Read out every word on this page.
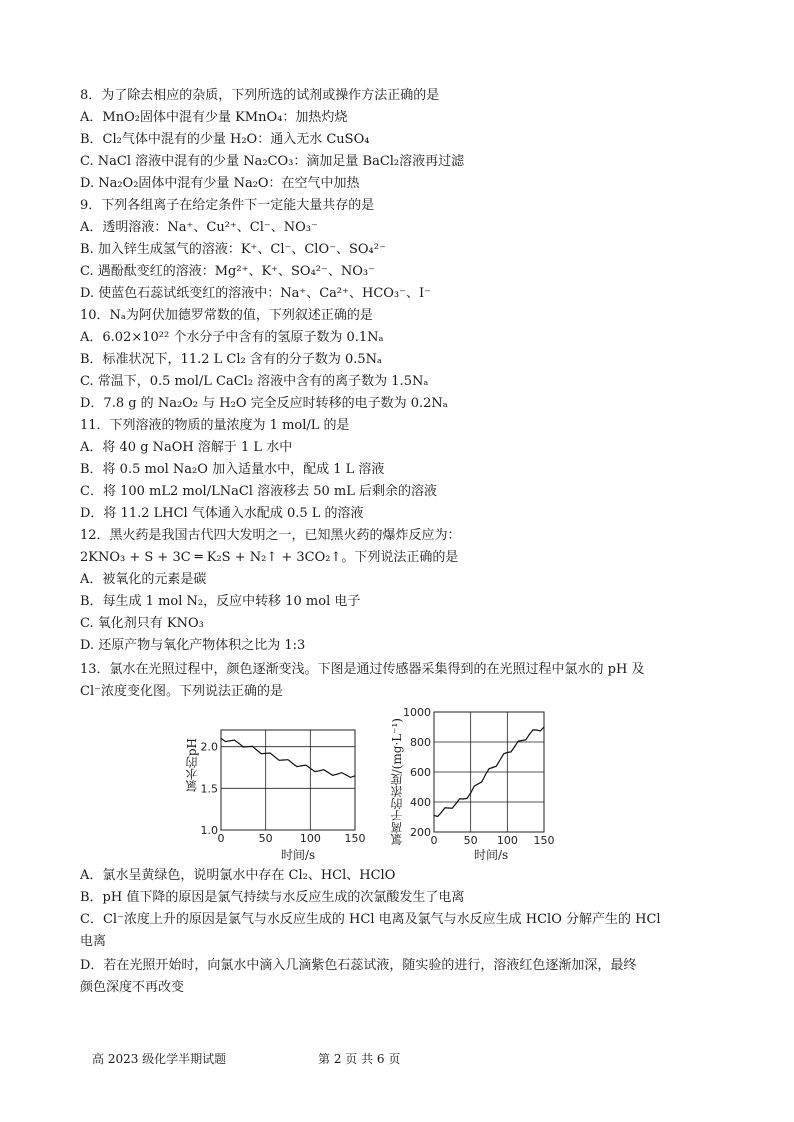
8．为了除去相应的杂质，下列所选的试剂或操作方法正确的是
A．MnO₂固体中混有少量 KMnO₄：加热灼烧
B．Cl₂气体中混有的少量 H₂O：通入无水 CuSO₄
C. NaCl 溶液中混有的少量 Na₂CO₃：滴加足量 BaCl₂溶液再过滤
D. Na₂O₂固体中混有少量 Na₂O：在空气中加热
9．下列各组离子在给定条件下一定能大量共存的是
A．透明溶液：Na⁺、Cu²⁺、Cl⁻、NO₃⁻
B. 加入锌生成氢气的溶液：K⁺、Cl⁻、ClO⁻、SO₄²⁻
C. 遇酚酞变红的溶液：Mg²⁺、K⁺、SO₄²⁻、NO₃⁻
D. 使蓝色石蕊试纸变红的溶液中：Na⁺、Ca²⁺、HCO₃⁻、I⁻
10．Nₐ为阿伏加德罗常数的值，下列叙述正确的是
A．6.02×10²² 个水分子中含有的氢原子数为 0.1Nₐ
B．标准状况下，11.2 L Cl₂ 含有的分子数为 0.5Nₐ
C. 常温下，0.5 mol/L CaCl₂ 溶液中含有的离子数为 1.5Nₐ
D．7.8 g 的 Na₂O₂ 与 H₂O 完全反应时转移的电子数为 0.2Nₐ
11．下列溶液的物质的量浓度为 1 mol/L 的是
A．将 40 g NaOH 溶解于 1 L 水中
B．将 0.5 mol Na₂O 加入适量水中，配成 1 L 溶液
C．将 100 mL2 mol/LNaCl 溶液移去 50 mL 后剩余的溶液
D．将 11.2 LHCl 气体通入水配成 0.5 L 的溶液
12．黑火药是我国古代四大发明之一，已知黑火药的爆炸反应为：
2KNO₃ + S + 3C ═ K₂S + N₂↑ + 3CO₂↑。下列说法正确的是
A．被氧化的元素是碳
B．每生成 1 mol N₂，反应中转移 10 mol 电子
C. 氧化剂只有 KNO₃
D. 还原产物与氧化产物体积之比为 1:3
13．氯水在光照过程中，颜色逐渐变浅。下图是通过传感器采集得到的在光照过程中氯水的 pH 及
Cl⁻浓度变化图。下列说法正确的是
0	50 100 150
1.0
1.5
2.0
氯水的pH
时间/s
0 50 100 150
200
400
600
800
1000
氯离子的浓度/(mg·L⁻¹)
时间/s
A．氯水呈黄绿色，说明氯水中存在 Cl₂、HCl、HClO
B．pH 值下降的原因是氯气持续与水反应生成的次氯酸发生了电离
C．Cl⁻浓度上升的原因是氯气与水反应生成的 HCl 电离及氯气与水反应生成 HClO 分解产生的 HCl
电离
D．若在光照开始时，向氯水中滴入几滴紫色石蕊试液，随实验的进行，溶液红色逐渐加深，最终
颜色深度不再改变
高 2023 级化学半期试题	第 2 页 共 6 页
